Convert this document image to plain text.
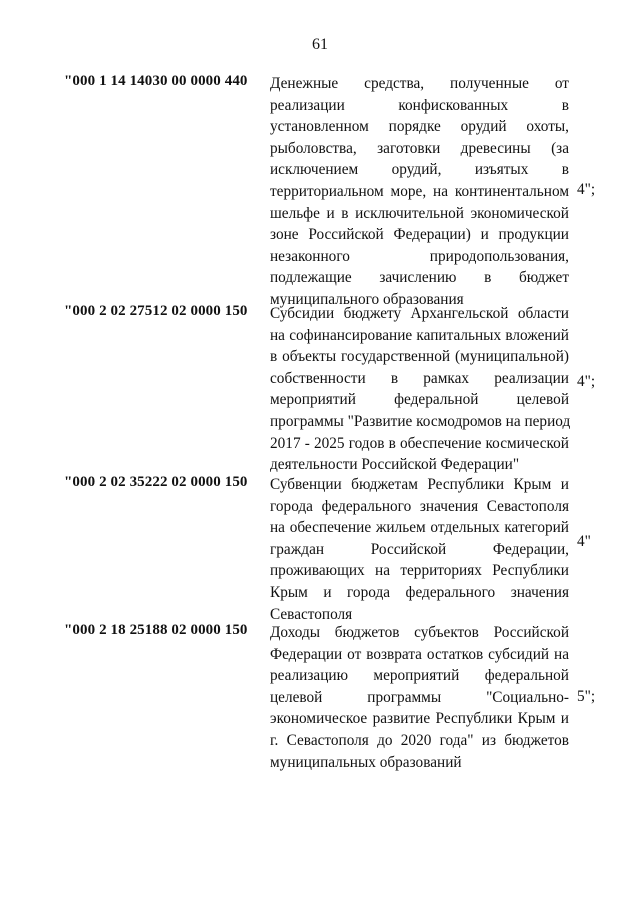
61
"000 1 14 14030 00 0000 440 Денежные средства, полученные от
реализации конфискованных в
установленном порядке орудий охоты,
рыболовства, заготовки древесины (за
исключением орудий, изъятых в
территориальном море, на континентальном
шельфе и в исключительной экономической
зоне Российской Федерации) и продукции
незаконного природопользования,
подлежащие зачислению в бюджет
муниципального образования
4";
"000 2 02 27512 02 0000 150 Субсидии бюджету Архангельской области
на софинансирование капитальных вложений
в объекты государственной (муниципальной)
собственности в рамках реализации
мероприятий федеральной целевой
программы "Развитие космодромов на период
2017 - 2025 годов в обеспечение космической
деятельности Российской Федерации"
4";
"000 2 02 35222 02 0000 150 Субвенции бюджетам Республики Крым и
города федерального значения Севастополя
на обеспечение жильем отдельных категорий
граждан Российской Федерации,
проживающих на территориях Республики
Крым и города федерального значения
Севастополя
4"
"000 2 18 25188 02 0000 150 Доходы бюджетов субъектов Российской
Федерации от возврата остатков субсидий на
реализацию мероприятий федеральной
целевой программы "Социально-
экономическое развитие Республики Крым и
г. Севастополя до 2020 года" из бюджетов
муниципальных образований
5";
